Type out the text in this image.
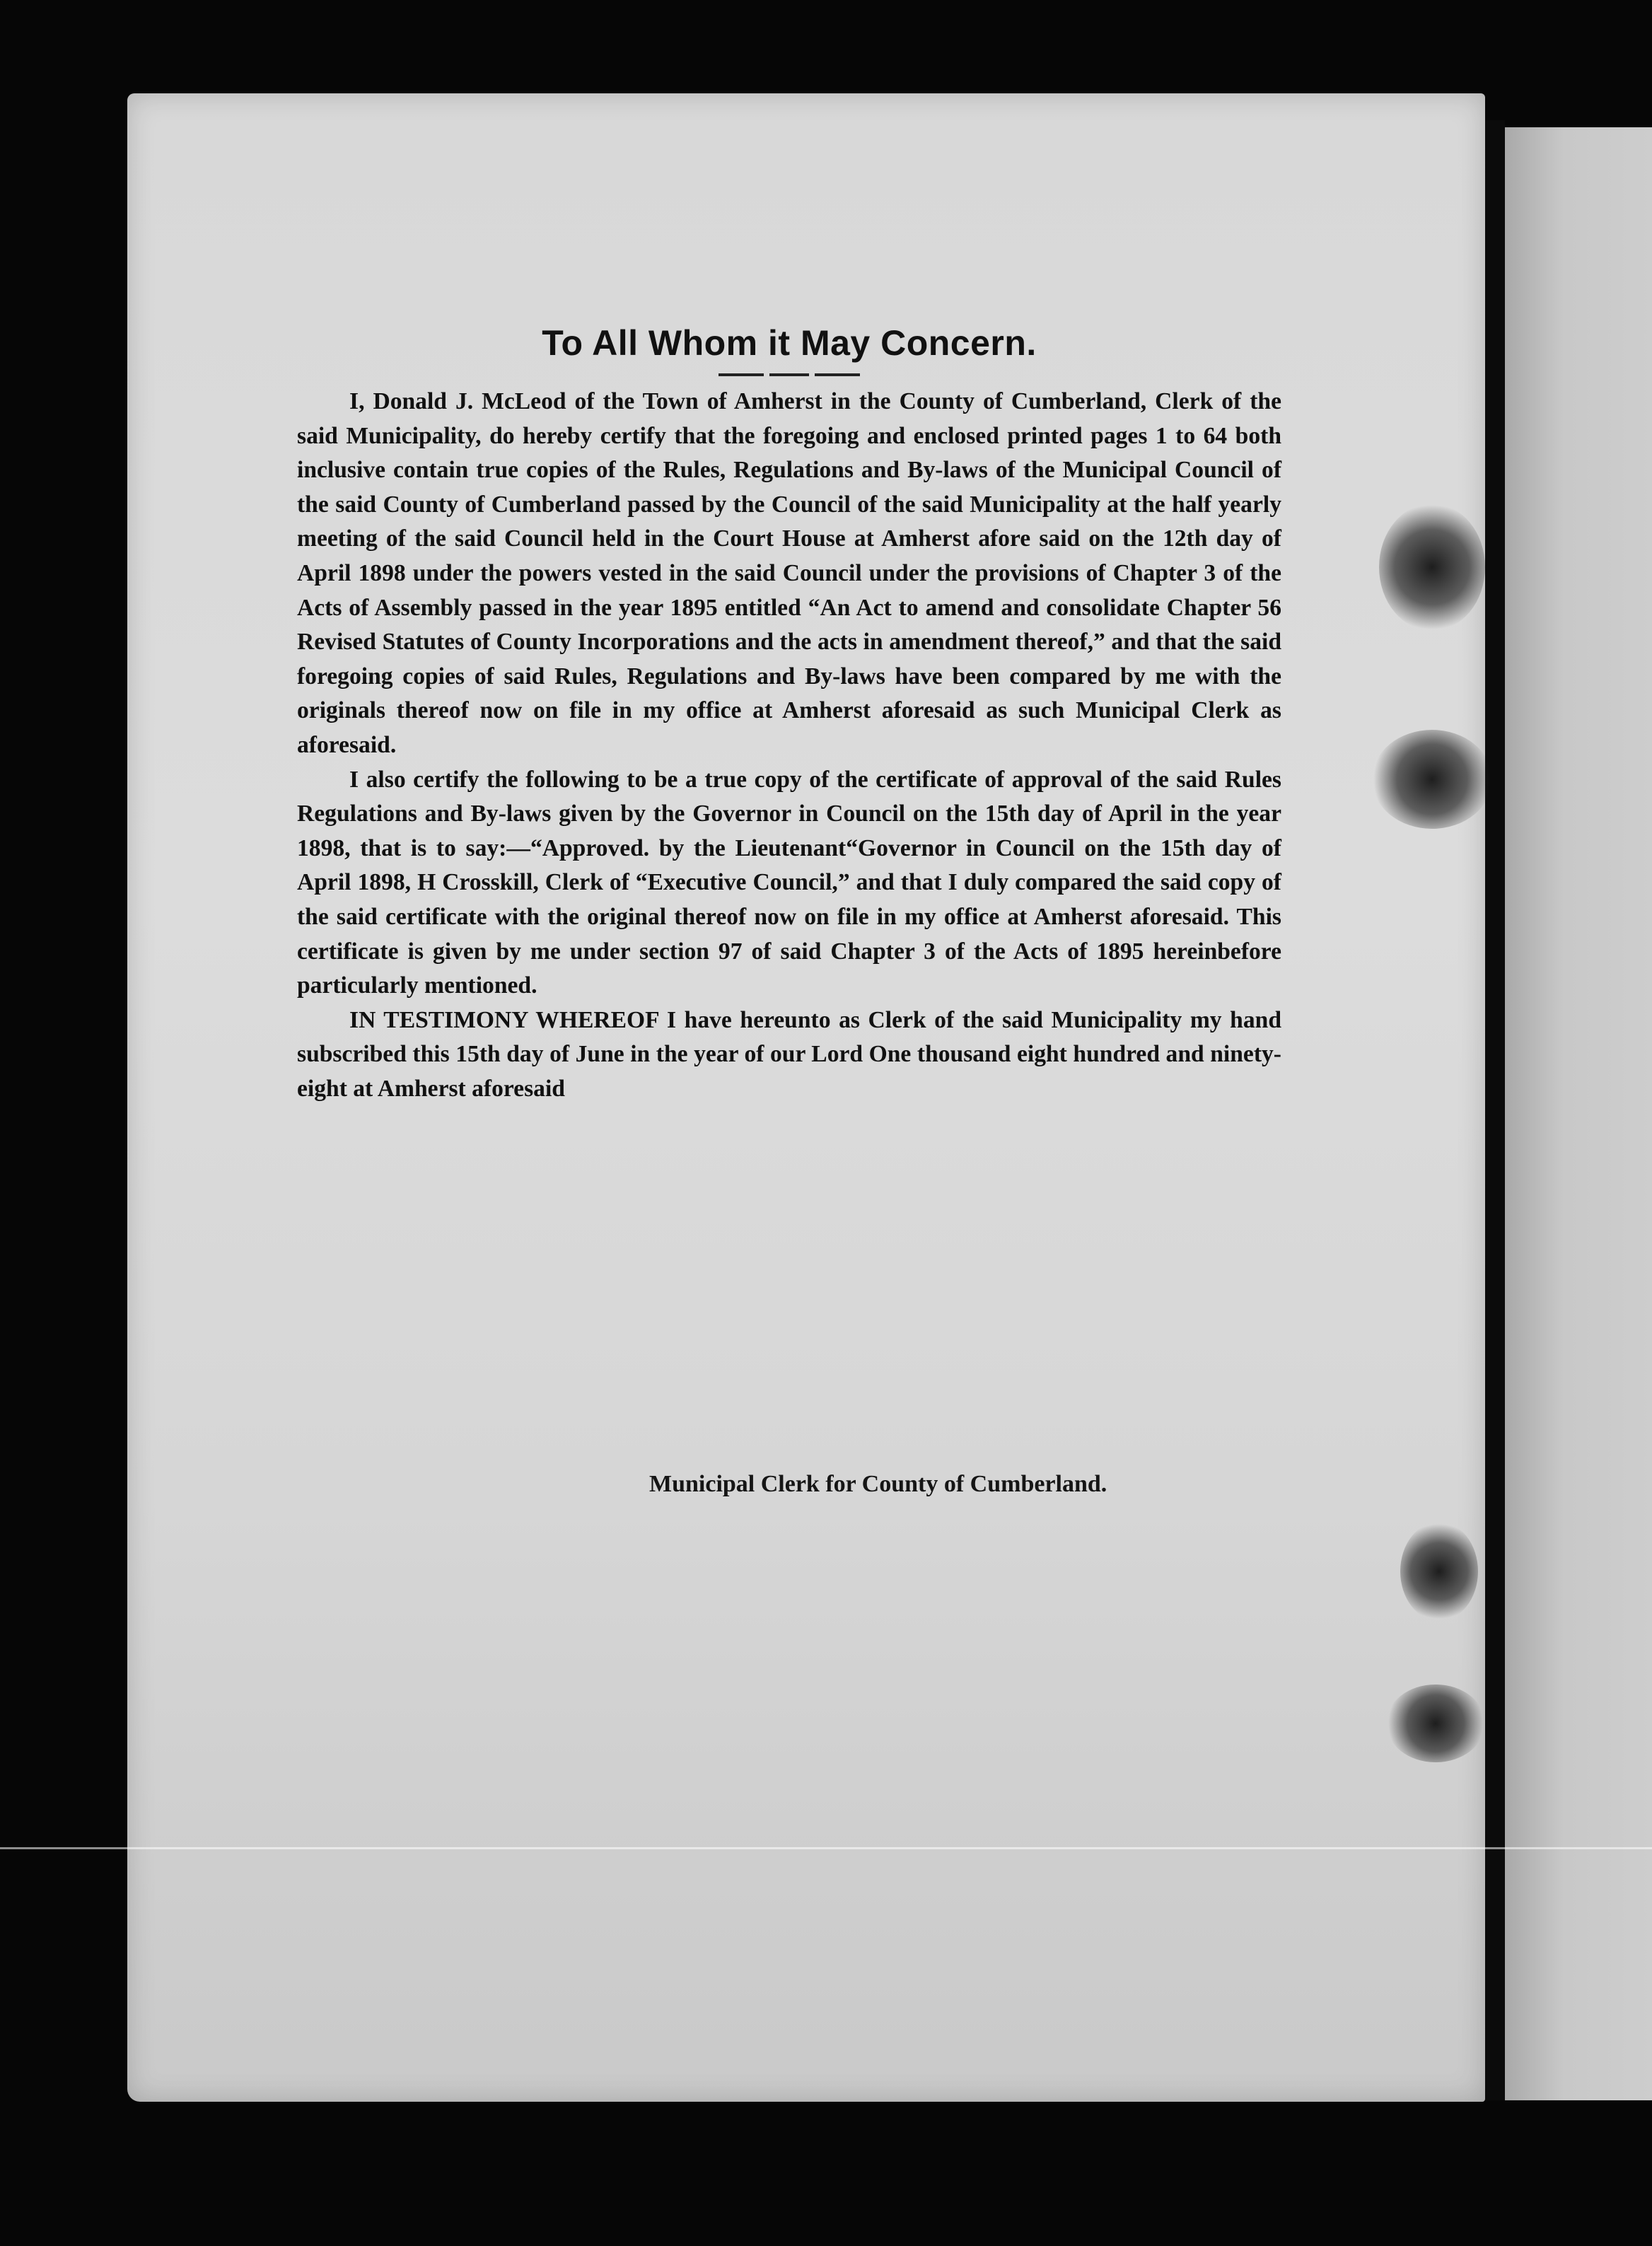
To All Whom it May Concern.

I, Donald J. McLeod of the Town of Amherst in the County of Cumberland, Clerk of the said Municipality, do hereby certify that the foregoing and enclosed printed pages 1 to 64 both inclusive contain true copies of the Rules, Regulations and By-laws of the Municipal Council of the said County of Cumberland passed by the Council of the said Municipality at the half yearly meeting of the said Council held in the Court House at Amherst afore said on the 12th day of April 1898 under the powers vested in the said Council under the provisions of Chapter 3 of the Acts of Assembly passed in the year 1895 entitled “An Act to amend and consolidate Chapter 56 Revised Statutes of County Incorporations and the acts in amendment thereof,” and that the said foregoing copies of said Rules, Regulations and By-laws have been compared by me with the originals thereof now on file in my office at Amherst aforesaid as such Municipal Clerk as aforesaid.

I also certify the following to be a true copy of the certificate of approval of the said Rules Regulations and By-laws given by the Governor in Council on the 15th day of April in the year 1898, that is to say:—“Approved. by the Lieutenant“Governor in Council on the 15th day of April 1898, H Crosskill, Clerk of “Executive Council,” and that I duly compared the said copy of the said certificate with the original thereof now on file in my office at Amherst aforesaid. This certificate is given by me under section 97 of said Chapter 3 of the Acts of 1895 hereinbefore particularly mentioned.

IN TESTIMONY WHEREOF I have hereunto as Clerk of the said Municipality my hand subscribed this 15th day of June in the year of our Lord One thousand eight hundred and ninety-eight at Amherst aforesaid

Municipal Clerk for County of Cumberland.
